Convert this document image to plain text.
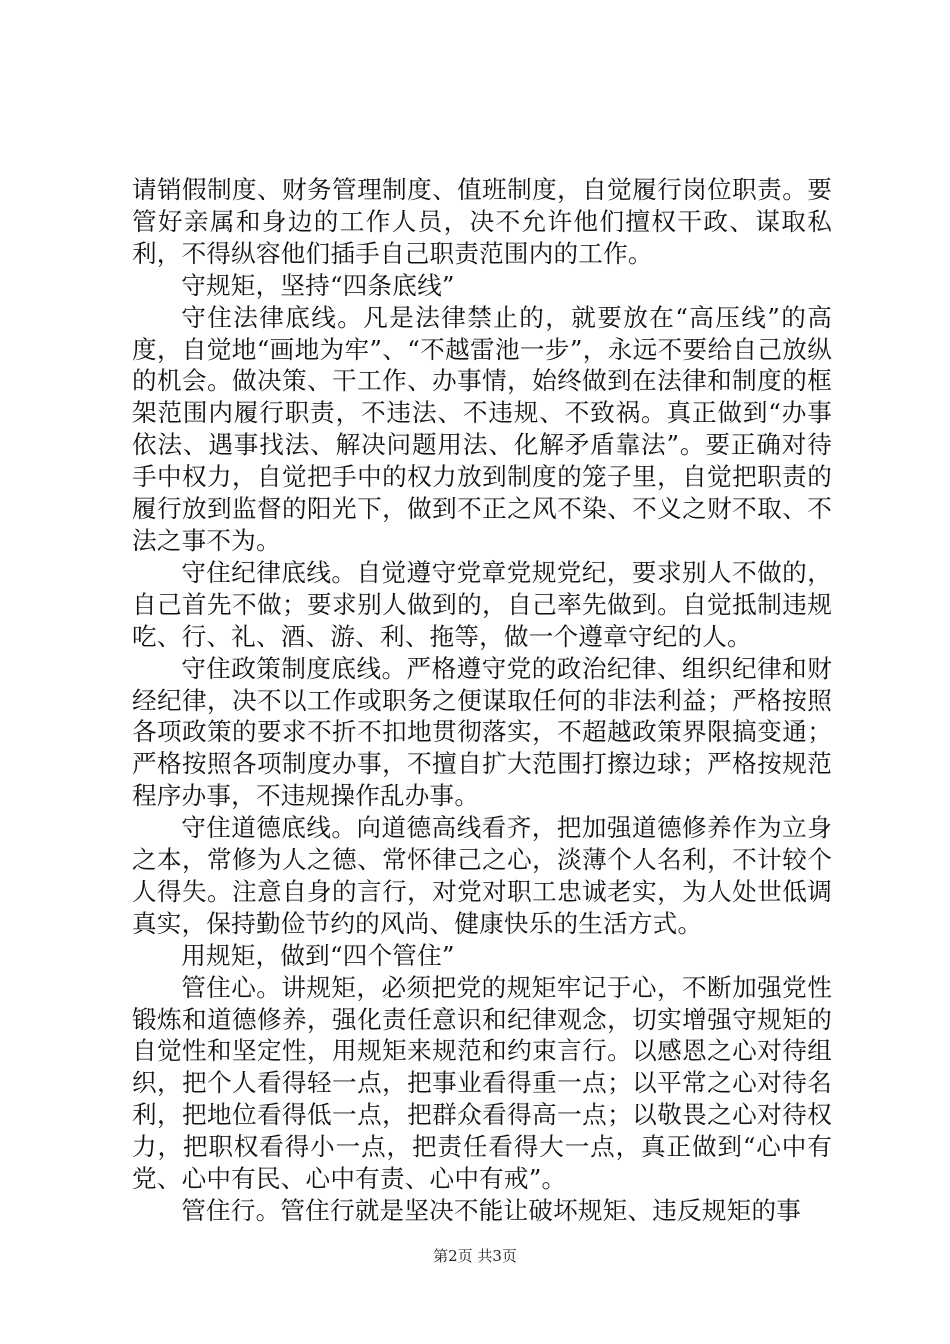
请销假制度、财务管理制度、值班制度，自觉履行岗位职责。要管好亲属和身边的工作人员，决不允许他们擅权干政、谋取私利，不得纵容他们插手自己职责范围内的工作。

守规矩，坚持“四条底线”

守住法律底线。凡是法律禁止的，就要放在“高压线”的高度，自觉地“画地为牢”、“不越雷池一步”，永远不要给自己放纵的机会。做决策、干工作、办事情，始终做到在法律和制度的框架范围内履行职责，不违法、不违规、不致祸。真正做到“办事依法、遇事找法、解决问题用法、化解矛盾靠法”。要正确对待手中权力，自觉把手中的权力放到制度的笼子里，自觉把职责的履行放到监督的阳光下，做到不正之风不染、不义之财不取、不法之事不为。

守住纪律底线。自觉遵守党章党规党纪，要求别人不做的，自己首先不做；要求别人做到的，自己率先做到。自觉抵制违规吃、行、礼、酒、游、利、拖等，做一个遵章守纪的人。

守住政策制度底线。严格遵守党的政治纪律、组织纪律和财经纪律，决不以工作或职务之便谋取任何的非法利益；严格按照各项政策的要求不折不扣地贯彻落实，不超越政策界限搞变通；严格按照各项制度办事，不擅自扩大范围打擦边球；严格按规范程序办事，不违规操作乱办事。

守住道德底线。向道德高线看齐，把加强道德修养作为立身之本，常修为人之德、常怀律己之心，淡薄个人名利，不计较个人得失。注意自身的言行，对党对职工忠诚老实，为人处世低调真实，保持勤俭节约的风尚、健康快乐的生活方式。

用规矩，做到“四个管住”

管住心。讲规矩，必须把党的规矩牢记于心，不断加强党性锻炼和道德修养，强化责任意识和纪律观念，切实增强守规矩的自觉性和坚定性，用规矩来规范和约束言行。以感恩之心对待组织，把个人看得轻一点，把事业看得重一点；以平常之心对待名利，把地位看得低一点，把群众看得高一点；以敬畏之心对待权力，把职权看得小一点，把责任看得大一点，真正做到“心中有党、心中有民、心中有责、心中有戒”。

管住行。管住行就是坚决不能让破坏规矩、违反规矩的事

第2页 共3页
